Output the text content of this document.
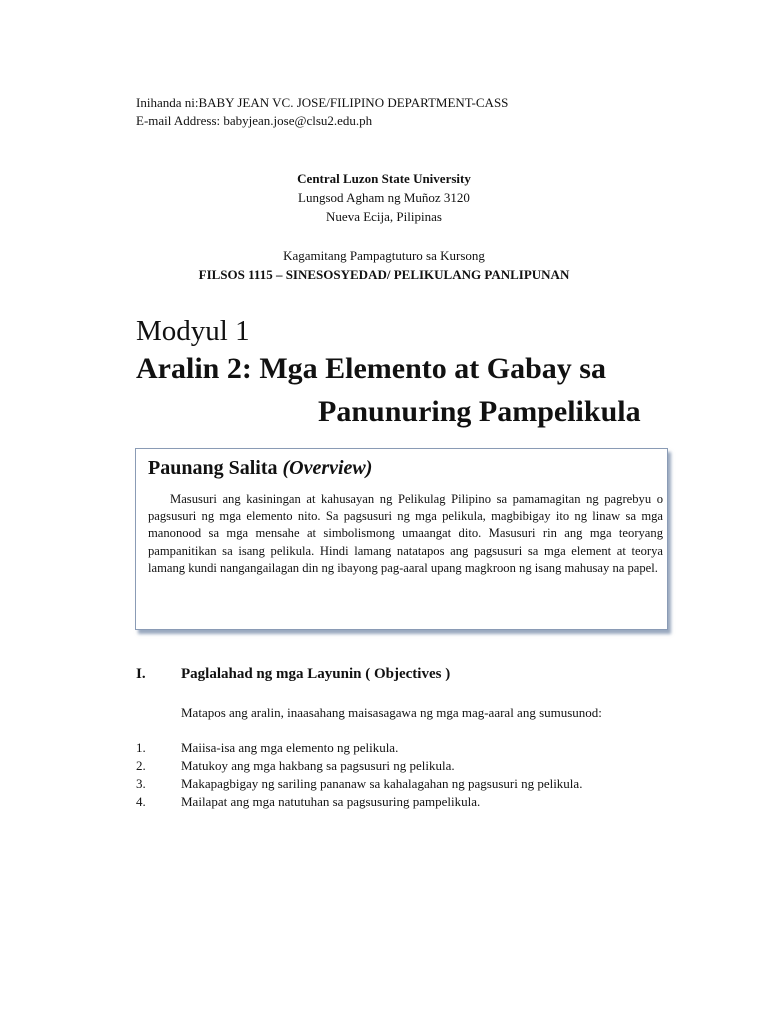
Inihanda ni:BABY JEAN VC. JOSE/FILIPINO DEPARTMENT-CASS
E-mail Address: babyjean.jose@clsu2.edu.ph
Central Luzon State University
Lungsod Agham ng Muñoz 3120
Nueva Ecija, Pilipinas
Kagamitang Pampagtuturo sa Kursong
FILSOS 1115 – SINESOSYEDAD/ PELIKULANG PANLIPUNAN
Modyul 1
Aralin 2: Mga Elemento at Gabay sa
Panunuring Pampelikula
Paunang Salita (Overview)

Masusuri ang kasiningan at kahusayan ng Pelikulag Pilipino sa pamamagitan ng pagrebyu o pagsusuri ng mga elemento nito. Sa pagsusuri ng mga pelikula, magbibigay ito ng linaw sa mga manonood sa mga mensahe at simbolismong umaangat dito. Masusuri rin ang mga teoryang pampanitikan sa isang pelikula. Hindi lamang natatapos ang pagsusuri sa mga element at teorya lamang kundi nangangailagan din ng ibayong pag-aaral upang magkroon ng isang mahusay na papel.

I. Paglalahad ng mga Layunin ( Objectives )
Matapos ang aralin, inaasahang maisasagawa ng mga mag-aaral ang sumusunod:
1.	Maiisa-isa ang mga elemento ng pelikula.
2.	Matukoy ang mga hakbang sa pagsusuri ng pelikula.
3.	Makapagbigay ng sariling pananaw sa kahalagahan ng pagsusuri ng pelikula.
4.	Mailapat ang mga natutuhan sa pagsusuring pampelikula.
